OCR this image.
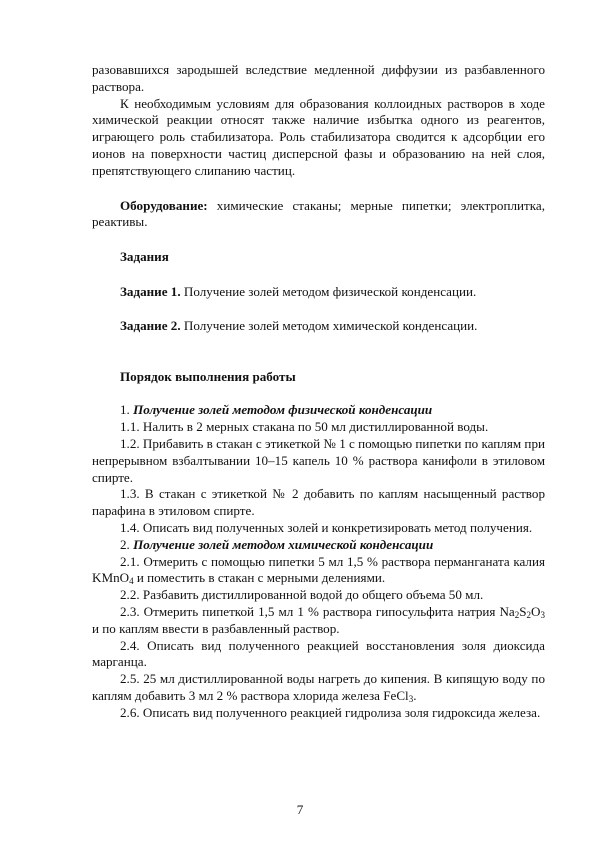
разовавшихся зародышей вследствие медленной диффузии из разбавленного раствора.

К необходимым условиям для образования коллоидных растворов в ходе химической реакции относят также наличие избытка одного из реагентов, играющего роль стабилизатора. Роль стабилизатора сводится к адсорбции его ионов на поверхности частиц дисперсной фазы и образованию на ней слоя, препятствующего слипанию частиц.

Оборудование: химические стаканы; мерные пипетки; электроплитка, реактивы.

Задания

Задание 1. Получение золей методом физической конденсации.

Задание 2. Получение золей методом химической конденсации.

Порядок выполнения работы

1. Получение золей методом физической конденсации

1.1. Налить в 2 мерных стакана по 50 мл дистиллированной воды.

1.2. Прибавить в стакан с этикеткой № 1 с помощью пипетки по каплям при непрерывном взбалтывании 10‒15 капель 10 % раствора канифоли в этиловом спирте.

1.3. В стакан с этикеткой № 2 добавить по каплям насыщенный раствор парафина в этиловом спирте.

1.4. Описать вид полученных золей и конкретизировать метод получения.

2. Получение золей методом химической конденсации

2.1. Отмерить с помощью пипетки 5 мл 1,5 % раствора перманганата калия KMnO$_4$ и поместить в стакан с мерными делениями.

2.2. Разбавить дистиллированной водой до общего объема 50 мл.

2.3. Отмерить пипеткой 1,5 мл 1 % раствора гипосульфита натрия $Na_2S_2O_3$ и по каплям ввести в разбавленный раствор.

2.4. Описать вид полученного реакцией восстановления золя диоксида марганца.

2.5. 25 мл дистиллированной воды нагреть до кипения. В кипящую воду по каплям добавить 3 мл 2 % раствора хлорида железа FeCl$_3$.

2.6. Описать вид полученного реакцией гидролиза золя гидроксида железа.

7
